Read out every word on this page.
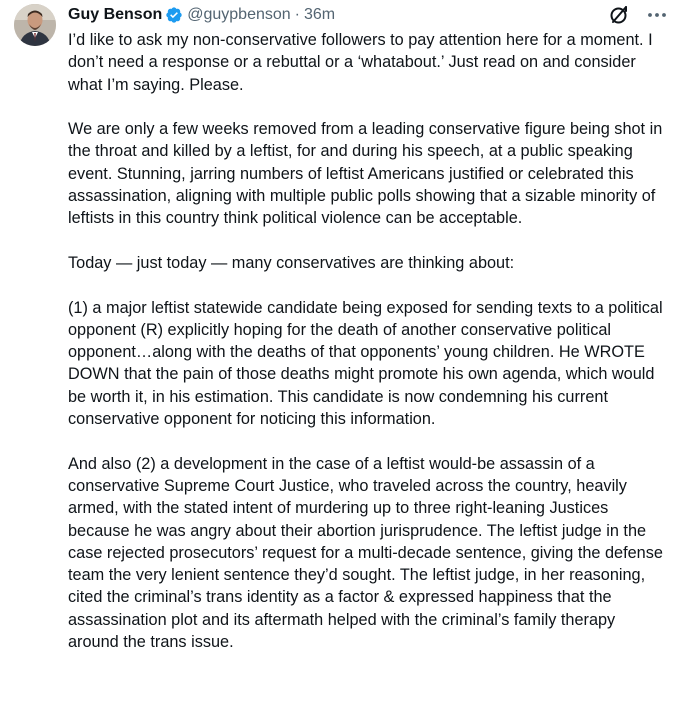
Guy Benson @guypbenson · 36m

I’d like to ask my non-conservative followers to pay attention here for a moment. I don’t need a response or a rebuttal or a ‘whatabout.’ Just read on and consider what I’m saying. Please.

We are only a few weeks removed from a leading conservative figure being shot in the throat and killed by a leftist, for and during his speech, at a public speaking event. Stunning, jarring numbers of leftist Americans justified or celebrated this assassination, aligning with multiple public polls showing that a sizable minority of leftists in this country think political violence can be acceptable.

Today — just today — many conservatives are thinking about:

(1) a major leftist statewide candidate being exposed for sending texts to a political opponent (R) explicitly hoping for the death of another conservative political opponent…along with the deaths of that opponents’ young children. He WROTE DOWN that the pain of those deaths might promote his own agenda, which would be worth it, in his estimation. This candidate is now condemning his current conservative opponent for noticing this information.

And also (2) a development in the case of a leftist would-be assassin of a conservative Supreme Court Justice, who traveled across the country, heavily armed, with the stated intent of murdering up to three right-leaning Justices because he was angry about their abortion jurisprudence. The leftist judge in the case rejected prosecutors’ request for a multi-decade sentence, giving the defense team the very lenient sentence they’d sought. The leftist judge, in her reasoning, cited the criminal’s trans identity as a factor & expressed happiness that the assassination plot and its aftermath helped with the criminal’s family therapy around the trans issue.
